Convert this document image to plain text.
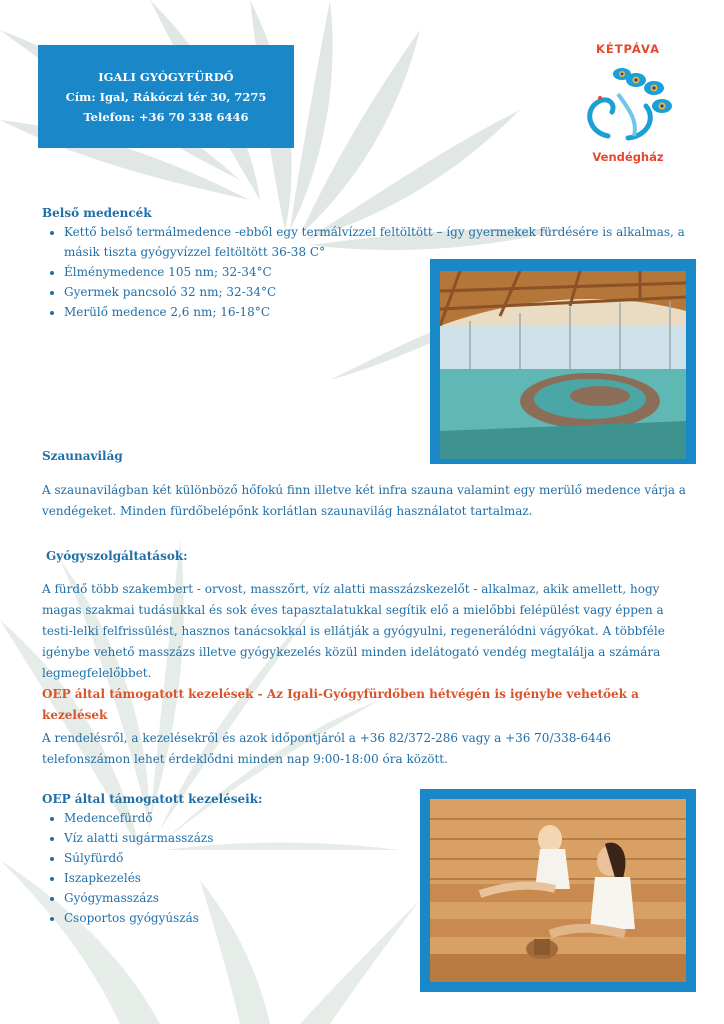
IGALI GYÓGYFÜRDŐ
Cím: Igal, Rákóczi tér 30, 7275
Telefon: +36 70 338 6446
KÉTPÁVA
Vendégház
Belső medencék
• Kettő belső termálmedence -ebből egy termálvízzel feltöltött – így gyermekek fürdésére is alkalmas, a másik tiszta gyógyvízzel feltöltött 36-38 C°
• Élménymedence 105 nm; 32-34°C
• Gyermek pancsoló 32 nm; 32-34°C
• Merülő medence 2,6 nm; 16-18°C
Szaunavilág
A szaunavilágban két különböző hőfokú finn illetve két infra szauna valamint egy merülő medence várja a vendégeket. Minden fürdőbelépőnk korlátlan szaunavilág használatot tartalmaz.
Gyógyszolgáltatások:
A fürdő több szakembert - orvost, masszőrt, víz alatti masszázskezelőt - alkalmaz, akik amellett, hogy magas szakmai tudásukkal és sok éves tapasztalatukkal segítik elő a mielőbbi felépülést vagy éppen a testi-lelki felfrissülést, hasznos tanácsokkal is ellátják a gyógyulni, regenerálódni vágyókat. A többféle igénybe vehető masszázs illetve gyógykezelés közül minden idelátogató vendég megtalálja a számára legmegfelelőbbet.
OEP által támogatott kezelések - Az Igali-Gyógyfürdőben hétvégén is igénybe vehetőek a kezelések
A rendelésről, a kezelésekről és azok időpontjáról a +36 82/372-286 vagy a +36 70/338-6446 telefonszámon lehet érdeklődni minden nap 9:00-18:00 óra között.
OEP által támogatott kezeléseik:
• Medencefürdő
• Víz alatti sugármasszázs
• Súlyfürdő
• Iszapkezelés
• Gyógymasszázs
• Csoportos gyógyúszás
